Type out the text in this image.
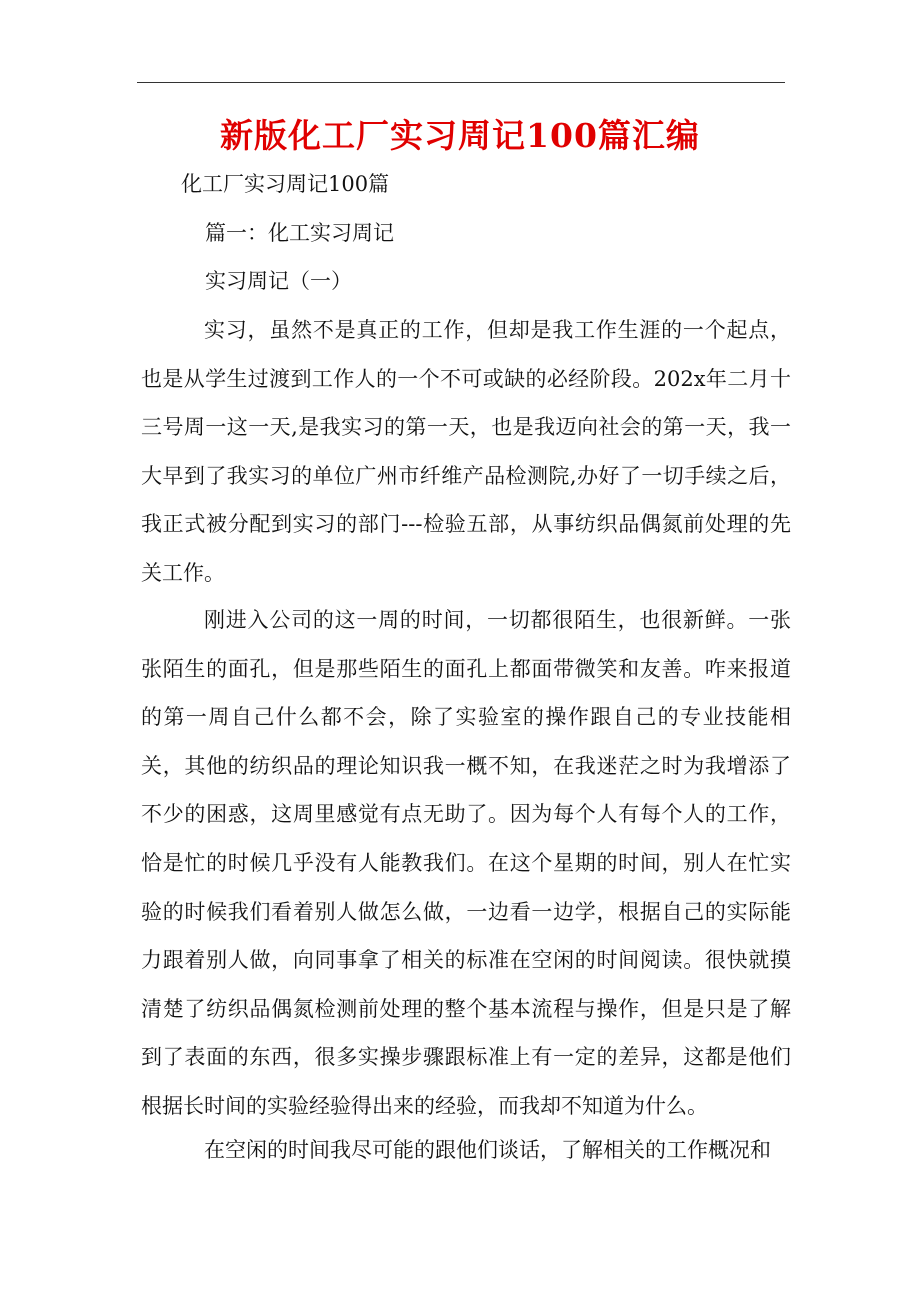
新版化工厂实习周记100篇汇编
化工厂实习周记100篇
篇一：化工实习周记
实习周记（一）

实习，虽然不是真正的工作，但却是我工作生涯的一个起点，也是从学生过渡到工作人的一个不可或缺的必经阶段。202x年二月十三号周一这一天,是我实习的第一天，也是我迈向社会的第一天，我一大早到了我实习的单位广州市纤维产品检测院,办好了一切手续之后，我正式被分配到实习的部门---检验五部，从事纺织品偶氮前处理的先关工作。

刚进入公司的这一周的时间，一切都很陌生，也很新鲜。一张张陌生的面孔，但是那些陌生的面孔上都面带微笑和友善。咋来报道的第一周自己什么都不会，除了实验室的操作跟自己的专业技能相关，其他的纺织品的理论知识我一概不知，在我迷茫之时为我增添了不少的困惑，这周里感觉有点无助了。因为每个人有每个人的工作，恰是忙的时候几乎没有人能教我们。在这个星期的时间，别人在忙实验的时候我们看着别人做怎么做，一边看一边学，根据自己的实际能力跟着别人做，向同事拿了相关的标准在空闲的时间阅读。很快就摸清楚了纺织品偶氮检测前处理的整个基本流程与操作，但是只是了解到了表面的东西，很多实操步骤跟标准上有一定的差异，这都是他们根据长时间的实验经验得出来的经验，而我却不知道为什么。

在空闲的时间我尽可能的跟他们谈话，了解相关的工作概况和
